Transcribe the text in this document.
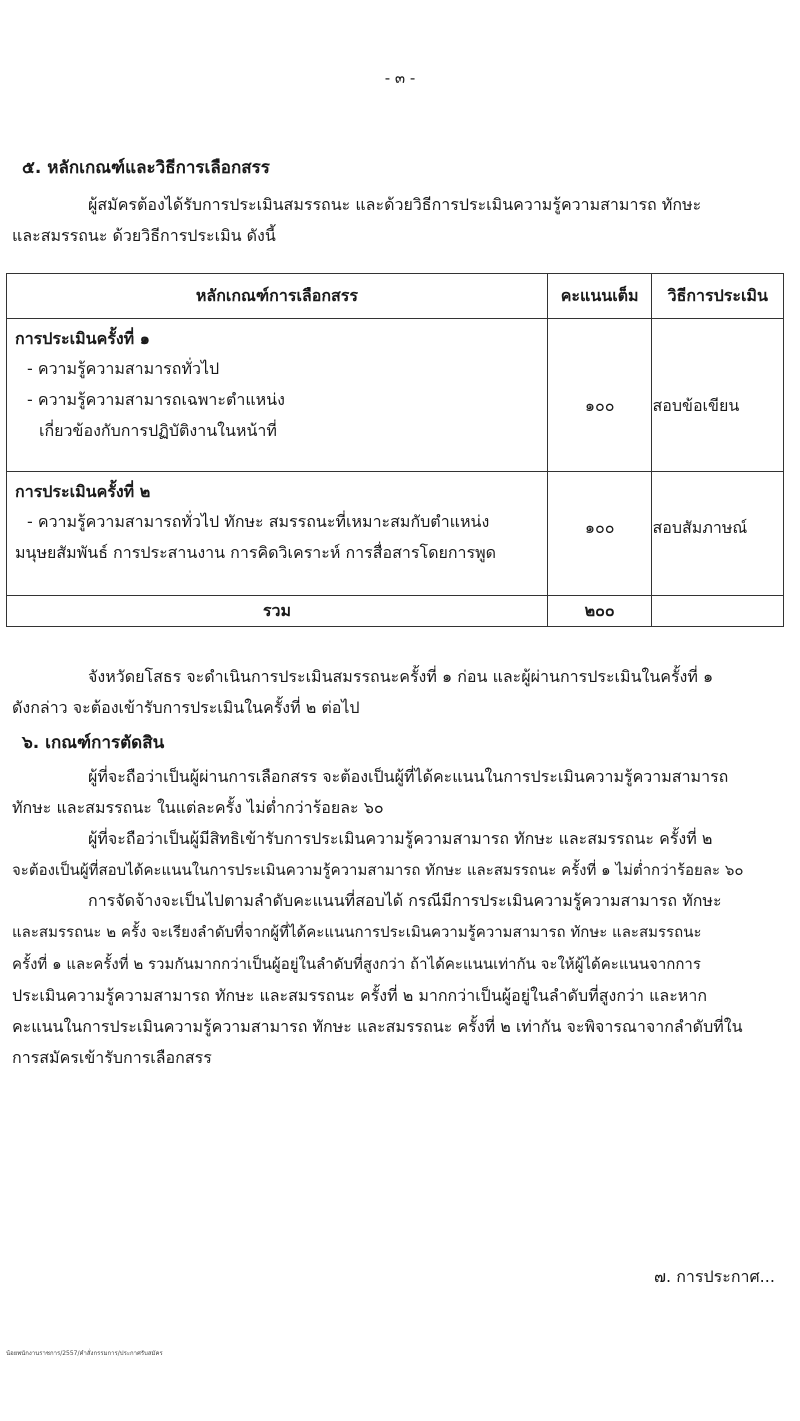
- ๓ -
๕. หลักเกณฑ์และวิธีการเลือกสรร

ผู้สมัครต้องได้รับการประเมินสมรรถนะ และด้วยวิธีการประเมินความรู้ความสามารถ ทักษะ
และสมรรถนะ ด้วยวิธีการประเมิน ดังนี้

หลักเกณฑ์การเลือกสรร	คะแนนเต็ม	วิธีการประเมิน

การประเมินครั้งที่ ๑
- ความรู้ความสามารถทั่วไป
- ความรู้ความสามารถเฉพาะตำแหน่ง
เกี่ยวข้องกับการปฏิบัติงานในหน้าที่	๑๐๐	สอบข้อเขียน

การประเมินครั้งที่ ๒
- ความรู้ความสามารถทั่วไป ทักษะ สมรรถนะที่เหมาะสมกับตำแหน่ง
มนุษยสัมพันธ์ การประสานงาน การคิดวิเคราะห์ การสื่อสารโดยการพูด	๑๐๐	สอบสัมภาษณ์
รวม	๒๐๐	

จังหวัดยโสธร จะดำเนินการประเมินสมรรถนะครั้งที่ ๑ ก่อน และผู้ผ่านการประเมินในครั้งที่ ๑
ดังกล่าว จะต้องเข้ารับการประเมินในครั้งที่ ๒ ต่อไป

๖. เกณฑ์การตัดสิน

ผู้ที่จะถือว่าเป็นผู้ผ่านการเลือกสรร จะต้องเป็นผู้ที่ได้คะแนนในการประเมินความรู้ความสามารถ
ทักษะ และสมรรถนะ ในแต่ละครั้ง ไม่ต่ำกว่าร้อยละ ๖๐

ผู้ที่จะถือว่าเป็นผู้มีสิทธิเข้ารับการประเมินความรู้ความสามารถ ทักษะ และสมรรถนะ ครั้งที่ ๒
จะต้องเป็นผู้ที่สอบได้คะแนนในการประเมินความรู้ความสามารถ ทักษะ และสมรรถนะ ครั้งที่ ๑ ไม่ต่ำกว่าร้อยละ ๖๐

การจัดจ้างจะเป็นไปตามลำดับคะแนนที่สอบได้ กรณีมีการประเมินความรู้ความสามารถ ทักษะ
และสมรรถนะ ๒ ครั้ง จะเรียงลำดับที่จากผู้ที่ได้คะแนนการประเมินความรู้ความสามารถ ทักษะ และสมรรถนะ
ครั้งที่ ๑ และครั้งที่ ๒ รวมกันมากกว่าเป็นผู้อยู่ในลำดับที่สูงกว่า ถ้าได้คะแนนเท่ากัน จะให้ผู้ได้คะแนนจากการ
ประเมินความรู้ความสามารถ ทักษะ และสมรรถนะ ครั้งที่ ๒ มากกว่าเป็นผู้อยู่ในลำดับที่สูงกว่า และหาก
คะแนนในการประเมินความรู้ความสามารถ ทักษะ และสมรรถนะ ครั้งที่ ๒ เท่ากัน จะพิจารณาจากลำดับที่ใน
การสมัครเข้ารับการเลือกสรร

๗. การประกาศ...
น้อยพนักงานราชการ/2557/คำสั่งกรรมการ/ประกาศรับสมัคร
